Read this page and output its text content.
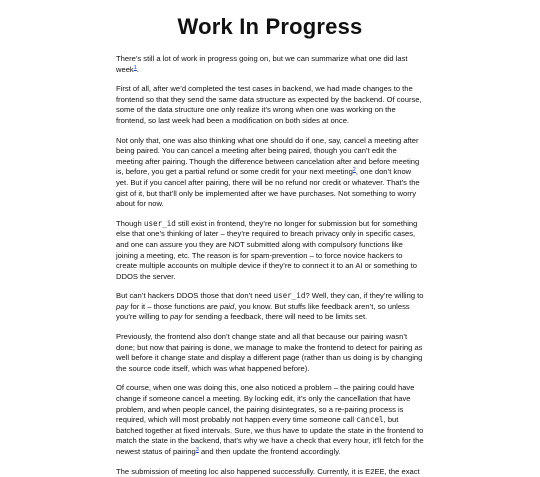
Work In Progress

There’s still a lot of work in progress going on, but we can summarize what one did last week$^1$.

First of all, after we’d completed the test cases in backend, we had made changes to the frontend so that they send the same data structure as expected by the backend. Of course, some of the data structure one only realize it’s wrong when one was working on the frontend, so last week had been a modification on both sides at once.

Not only that, one was also thinking what one should do if one, say, cancel a meeting after being paired. You can cancel a meeting after being paired, though you can’t edit the meeting after pairing. Though the difference between cancelation after and before meeting is, before, you get a partial refund or some credit for your next meeting$^2$, one don’t know yet. But if you cancel after pairing, there will be no refund nor credit or whatever. That’s the gist of it, but that’ll only be implemented after we have purchases. Not something to worry about for now.

Though user_id still exist in frontend, they’re no longer for submission but for something else that one’s thinking of later – they’re required to breach privacy only in specific cases, and one can assure you they are NOT submitted along with compulsory functions like joining a meeting, etc. The reason is for spam-prevention – to force novice hackers to create multiple accounts on multiple device if they’re to connect it to an AI or something to DDOS the server.

But can’t hackers DDOS those that don’t need user_id? Well, they can, if they’re willing to pay for it – those functions are paid, you know. But stuffs like feedback aren’t, so unless you’re willing to pay for sending a feedback, there will need to be limits set.

Previously, the frontend also don’t change state and all that because our pairing wasn’t done; but now that pairing is done, we manage to make the frontend to detect for pairing as well before it change state and display a different page (rather than us doing is by changing the source code itself, which was what happened before).

Of course, when one was doing this, one also noticed a problem – the pairing could have change if someone cancel a meeting. By locking edit, it’s only the cancellation that have problem, and when people cancel, the pairing disintegrates, so a re-pairing process is required, which will most probably not happen every time someone call cancel, but batched together at fixed intervals. Sure, we thus have to update the state in the frontend to match the state in the backend, that’s why we have a check that every hour, it’ll fetch for the newest status of pairing$^3$ and then update the frontend accordingly.

The submission of meeting loc also happened successfully. Currently, it is E2EE, the exact
